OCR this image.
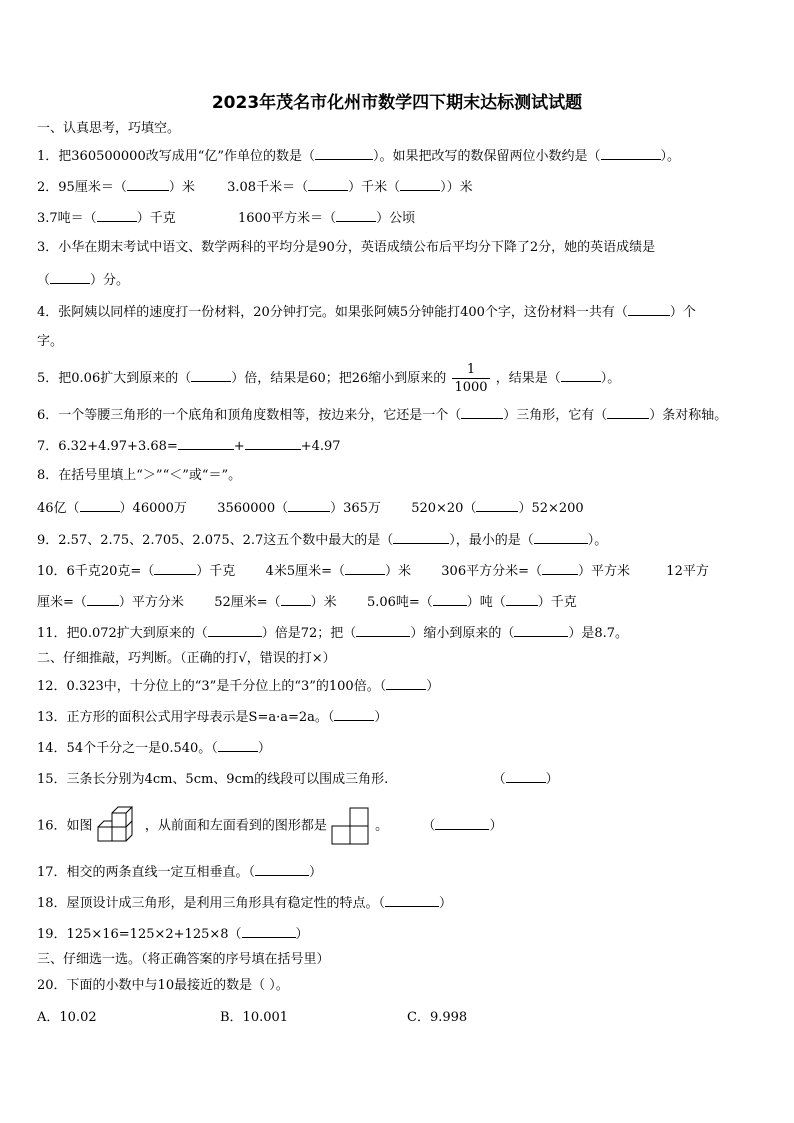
2023年茂名市化州市数学四下期末达标测试试题
一、认真思考，巧填空。
1．把360500000改写成用“亿”作单位的数是（	）。如果把改写的数保留两位小数约是（	）。
2．95厘米＝（	）米 3.08千米＝（	）千米（	））米
3.7吨＝（	）千克	1600平方米＝（	）公顷
3．小华在期末考试中语文、数学两科的平均分是90分，英语成绩公布后平均分下降了2分，她的英语成绩是
（	）分。
4．张阿姨以同样的速度打一份材料，20分钟打完。如果张阿姨5分钟能打400个字，这份材料一共有（	）个
字。
5．把0.06扩大到原来的（	）倍，结果是60；把26缩小到原来的 $\frac{1}{1000}$ ，结果是（	）。
6．一个等腰三角形的一个底角和顶角度数相等，按边来分，它还是一个（	）三角形，它有（	）条对称轴。
7．6.32+4.97+3.68=	+	+4.97
8．在括号里填上“＞”“＜”或“＝”。
46亿（	）46000万 3560000（	）365万 520×20（	）52×200
9．2.57、2.75、2.705、2.075、2.7这五个数中最大的是（	），最小的是（	）。
10．6千克20克=（	）千克 4米5厘米=（	）米 306平方分米=（	）平方米	12平方
厘米=（ ）平方分米 52厘米=（ ）米 5.06吨=（	）吨（ ）千克
11．把0.072扩大到原来的（	）倍是72；把（	）缩小到原来的（	）是8.7。
二、仔细推敲，巧判断。（正确的打√，错误的打×）
12．0.323中，十分位上的“3”是千分位上的“3”的100倍。（	）
13．正方形的面积公式用字母表示是S=a·a=2a。（	）
14．54个千分之一是0.540。（	）
15．三条长分别为4cm、5cm、9cm的线段可以围成三角形.	（	）
16．如图	，从前面和左面看到的图形都是	。	（	）
17．相交的两条直线一定互相垂直。（	）
18．屋顶设计成三角形，是利用三角形具有稳定性的特点。（	）
19．125×16=125×2+125×8（	）
三、仔细选一选。（将正确答案的序号填在括号里）
20．下面的小数中与10最接近的数是（ ）。
A．10.02	B．10.001	C．9.998
